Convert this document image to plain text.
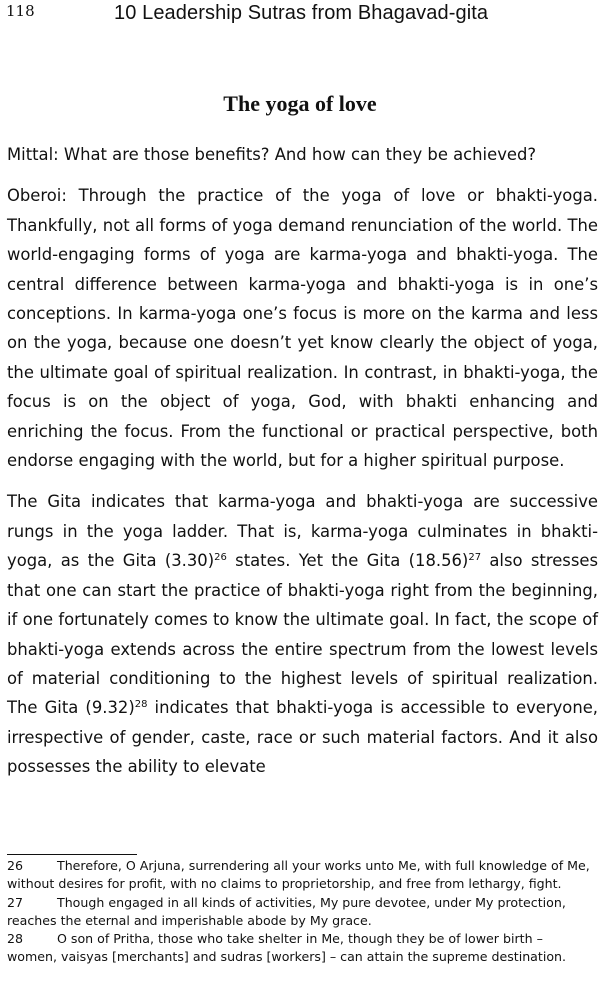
118	10 Leadership Sutras from Bhagavad-gita
The yoga of love

Mittal: What are those benefits? And how can they be achieved?

Oberoi: Through the practice of the yoga of love or bhakti-yoga. Thankfully, not all forms of yoga demand renunciation of the world. The world-engaging forms of yoga are karma-yoga and bhakti-yoga. The central difference between karma-yoga and bhakti-yoga is in one’s conceptions. In karma-yoga one’s focus is more on the karma and less on the yoga, because one doesn’t yet know clearly the object of yoga, the ultimate goal of spiritual realization. In contrast, in bhakti-yoga, the focus is on the object of yoga, God, with bhakti enhancing and enriching the focus. From the functional or practical perspective, both endorse engaging with the world, but for a higher spiritual purpose.

The Gita indicates that karma-yoga and bhakti-yoga are successive rungs in the yoga ladder. That is, karma-yoga culminates in bhakti-yoga, as the Gita $(3.30)^{26}$ states. Yet the Gita $(18.56)^{27}$ also stresses that one can start the practice of bhakti-yoga right from the beginning, if one fortunately comes to know the ultimate goal. In fact, the scope of bhakti-yoga extends across the entire spectrum from the lowest levels of material conditioning to the highest levels of spiritual realization. The Gita $(9.32)^{28}$ indicates that bhakti-yoga is accessible to everyone, irrespective of gender, caste, race or such material factors. And it also possesses the ability to elevate

26	Therefore, O Arjuna, surrendering all your works unto Me, with full knowledge of Me, without desires for profit, with no claims to proprietorship, and free from lethargy, fight.

27	Though engaged in all kinds of activities, My pure devotee, under My protection, reaches the eternal and imperishable abode by My grace.

28	O son of Pritha, those who take shelter in Me, though they be of lower birth – women, vaisyas [merchants] and sudras [workers] – can attain the supreme destination.
